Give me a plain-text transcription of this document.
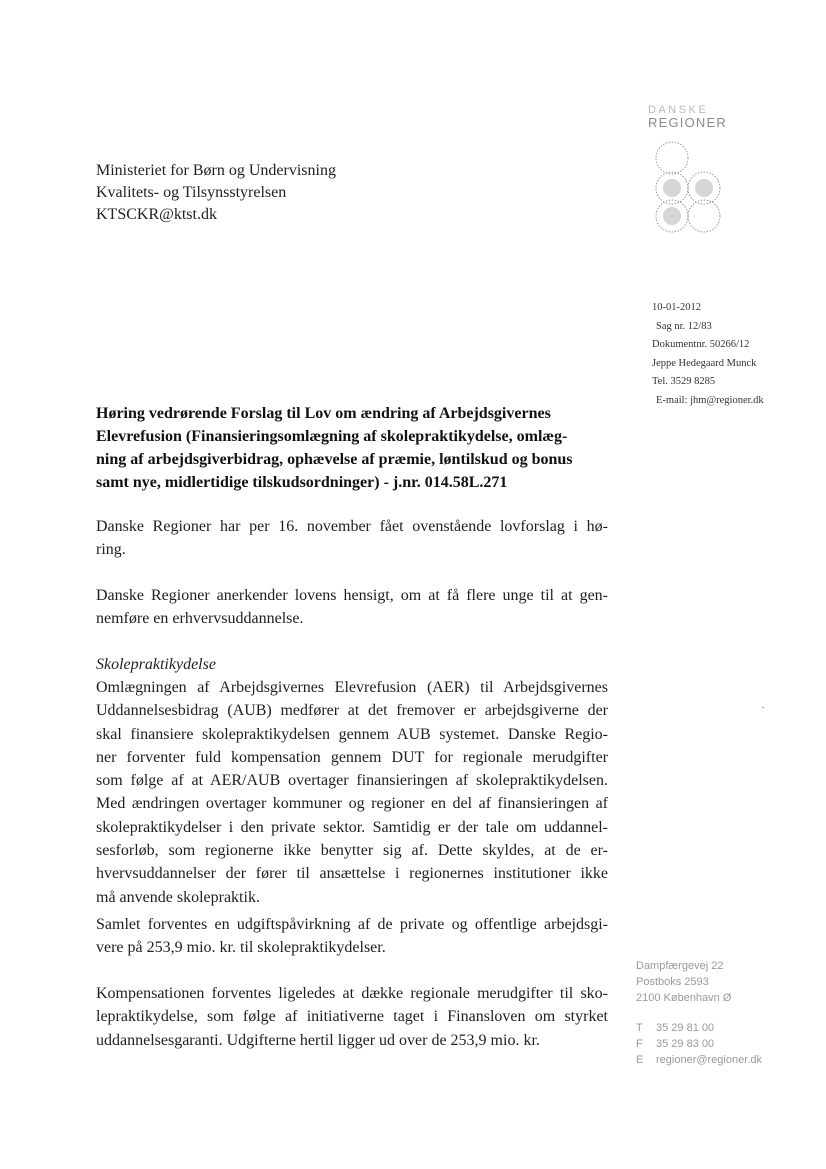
DANSKE
REGIONER
Ministeriet for Børn og Undervisning
Kvalitets- og Tilsynsstyrelsen
KTSCKR@ktst.dk
10-01-2012
Sag nr. 12/83
Dokumentnr. 50266/12
Jeppe Hedegaard Munck
Tel. 3529 8285
E-mail: jhm@regioner.dk
Høring vedrørende Forslag til Lov om ændring af Arbejdsgivernes
Elevrefusion (Finansieringsomlægning af skolepraktikydelse, omlæg-
ning af arbejdsgiverbidrag, ophævelse af præmie, løntilskud og bonus
samt nye, midlertidige tilskudsordninger) - j.nr. 014.58L.271
Danske Regioner har per 16. november fået ovenstående lovforslag i hø-
ring.
Danske Regioner anerkender lovens hensigt, om at få flere unge til at gen-
nemføre en erhvervsuddannelse.
Skolepraktikydelse
Omlægningen af Arbejdsgivernes Elevrefusion (AER) til Arbejdsgivernes
Uddannelsesbidrag (AUB) medfører at det fremover er arbejdsgiverne der
skal finansiere skolepraktikydelsen gennem AUB systemet. Danske Regio-
ner forventer fuld kompensation gennem DUT for regionale merudgifter
som følge af at AER/AUB overtager finansieringen af skolepraktikydelsen.
Med ændringen overtager kommuner og regioner en del af finansieringen af
skolepraktikydelser i den private sektor. Samtidig er der tale om uddannel-
sesforløb, som regionerne ikke benytter sig af. Dette skyldes, at de er-
hvervsuddannelser der fører til ansættelse i regionernes institutioner ikke
må anvende skolepraktik.
Samlet forventes en udgiftspåvirkning af de private og offentlige arbejdsgi-
vere på 253,9 mio. kr. til skolepraktikydelser.
Kompensationen forventes ligeledes at dække regionale merudgifter til sko-
lepraktikydelse, som følge af initiativerne taget i Finansloven om styrket
uddannelsesgaranti. Udgifterne hertil ligger ud over de 253,9 mio. kr.
Dampfærgevej 22
Postboks 2593
2100 København Ø
T 35 29 81 00
F 35 29 83 00
E regioner@regioner.dk
